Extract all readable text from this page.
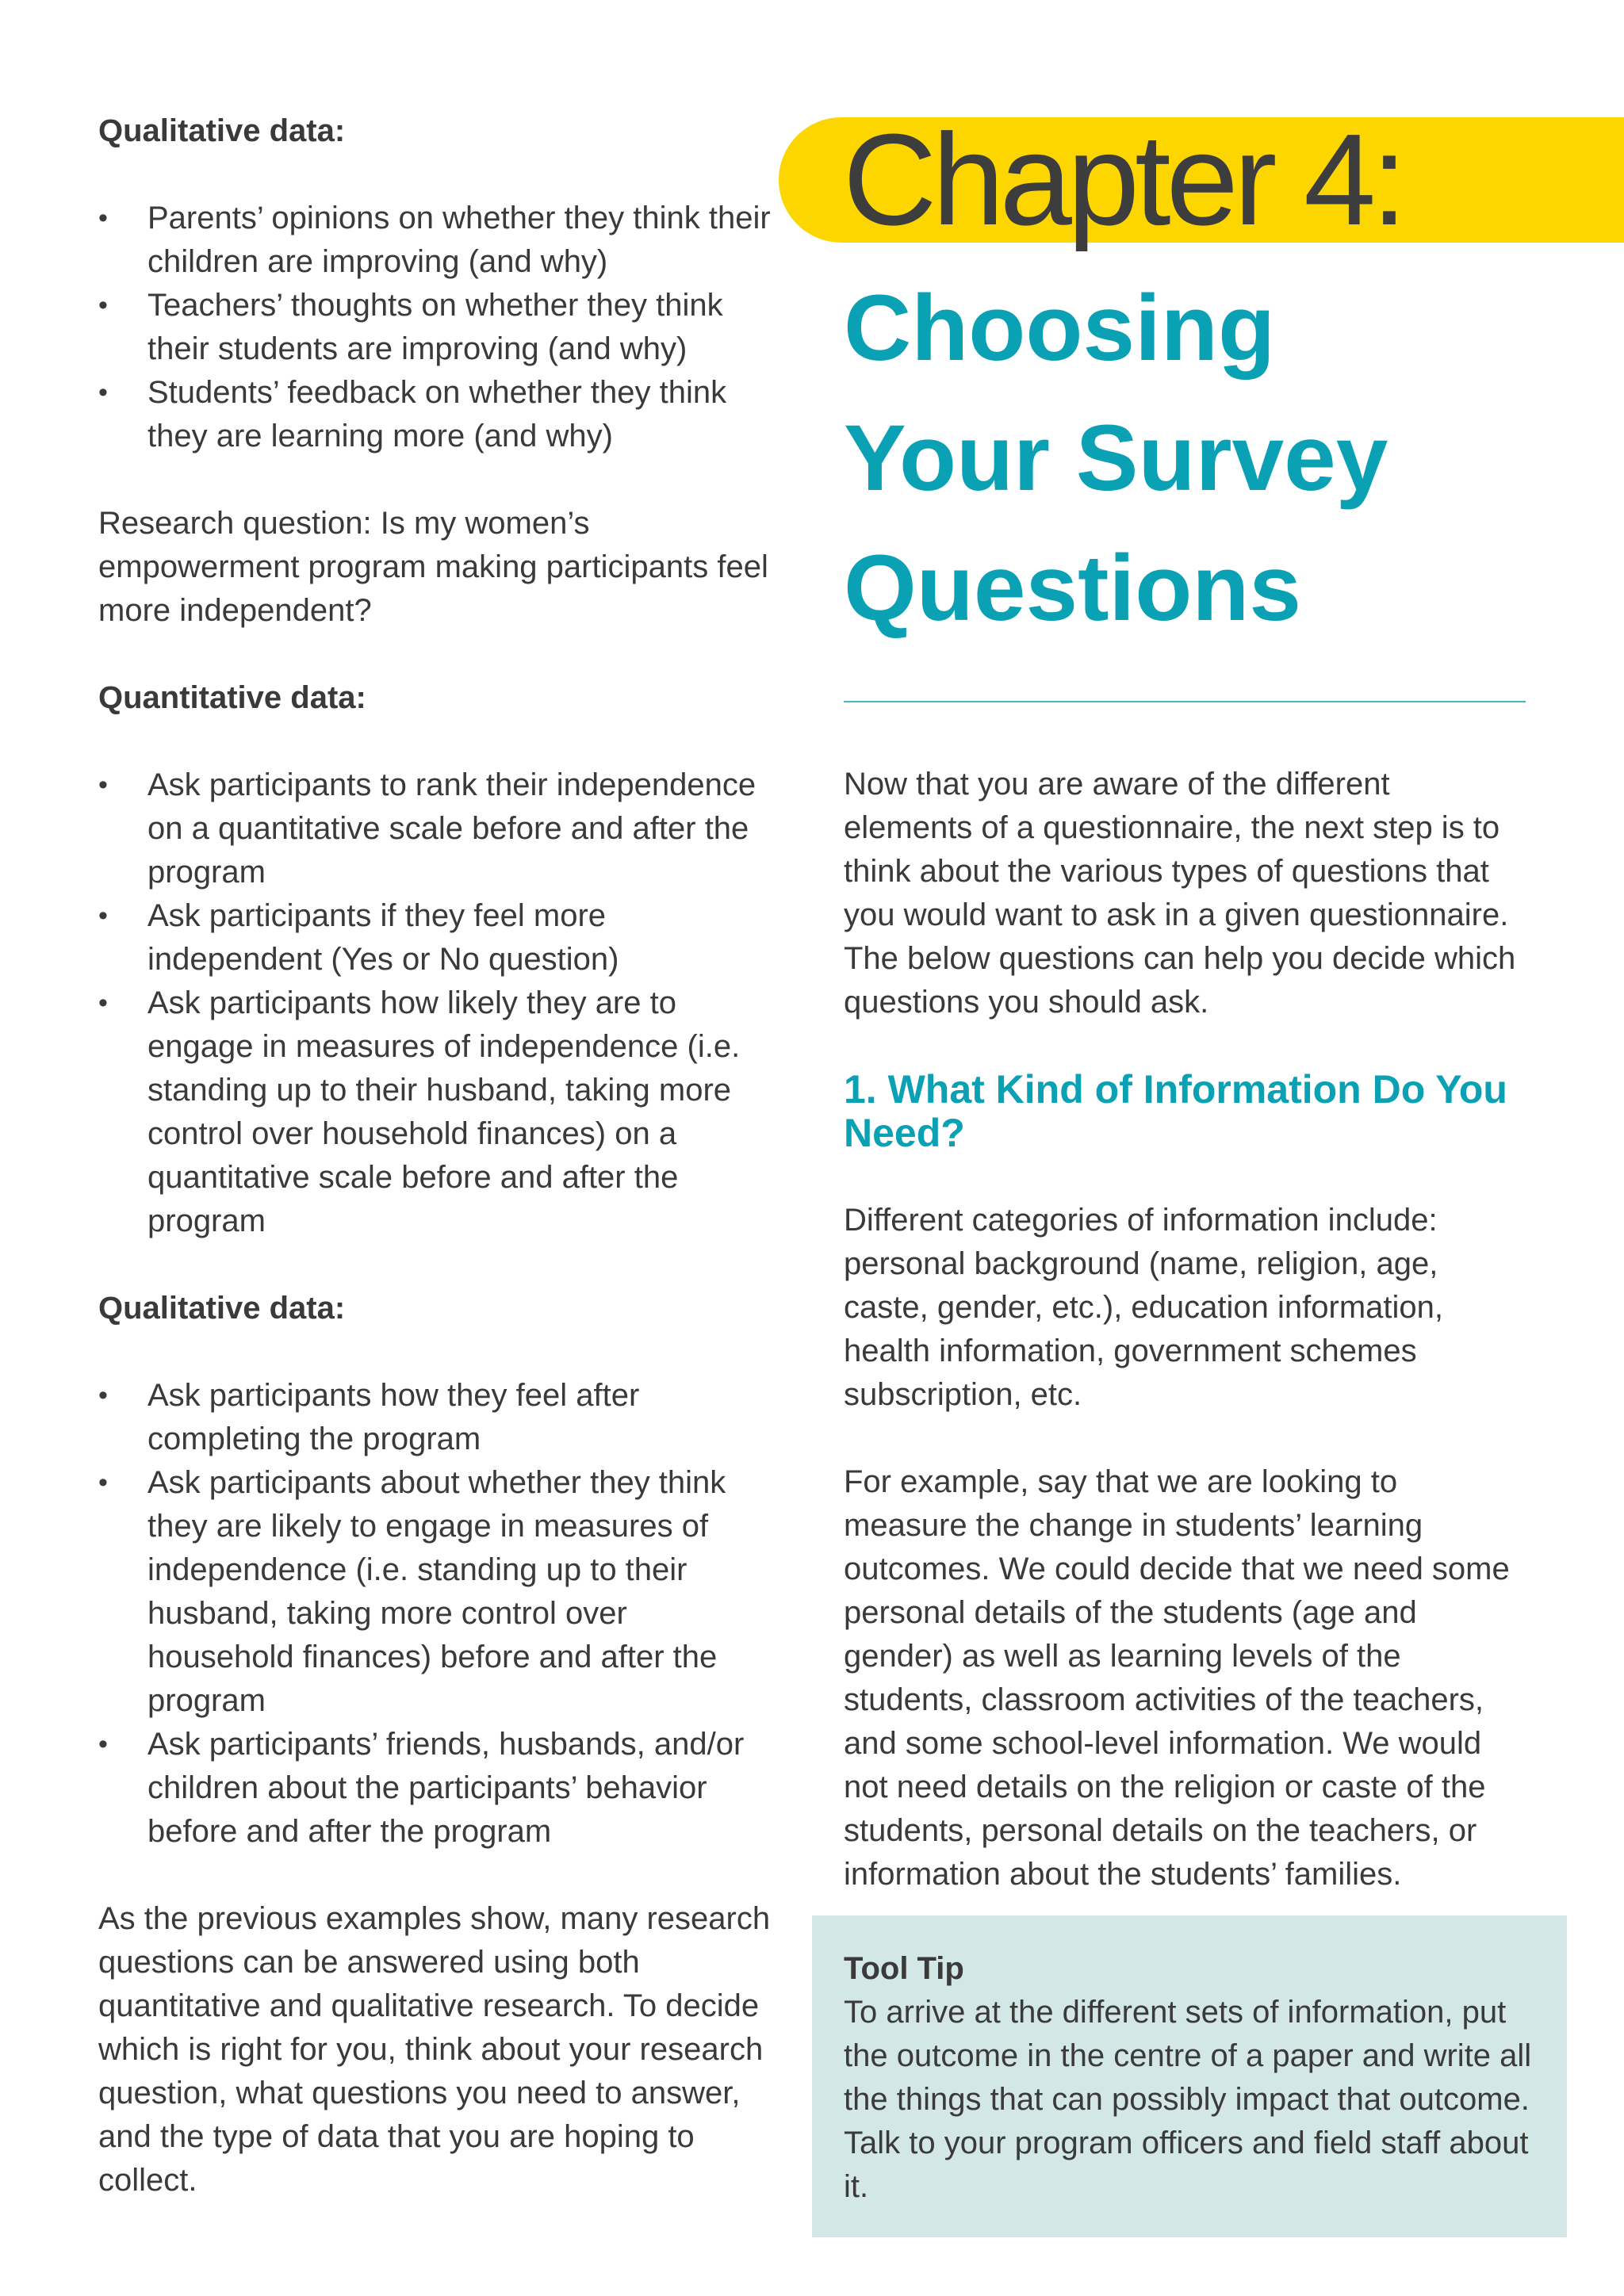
Qualitative data:

• Parents’ opinions on whether they think their children are improving (and why)
• Teachers’ thoughts on whether they think their students are improving (and why)
• Students’ feedback on whether they think they are learning more (and why)

Research question: Is my women’s empowerment program making participants feel more independent?

Quantitative data:

• Ask participants to rank their independence on a quantitative scale before and after the program
• Ask participants if they feel more independent (Yes or No question)
• Ask participants how likely they are to engage in measures of independence (i.e. standing up to their husband, taking more control over household finances) on a quantitative scale before and after the program

Qualitative data:

• Ask participants how they feel after completing the program
• Ask participants about whether they think they are likely to engage in measures of independence (i.e. standing up to their husband, taking more control over household finances) before and after the program
• Ask participants’ friends, husbands, and/or children about the participants’ behavior before and after the program

As the previous examples show, many research questions can be answered using both quantitative and qualitative research. To decide which is right for you, think about your research question, what questions you need to answer, and the type of data that you are hoping to collect.

Chapter 4:
Choosing
Your Survey
Questions

Now that you are aware of the different elements of a questionnaire, the next step is to think about the various types of questions that you would want to ask in a given questionnaire. The below questions can help you decide which questions you should ask.

1. What Kind of Information Do You Need?

Different categories of information include: personal background (name, religion, age, caste, gender, etc.), education information, health information, government schemes subscription, etc.

For example, say that we are looking to measure the change in students’ learning outcomes. We could decide that we need some personal details of the students (age and gender) as well as learning levels of the students, classroom activities of the teachers, and some school-level information. We would not need details on the religion or caste of the students, personal details on the teachers, or information about the students’ families.

Tool Tip

To arrive at the different sets of information, put the outcome in the centre of a paper and write all the things that can possibly impact that outcome. Talk to your program officers and field staff about it.
